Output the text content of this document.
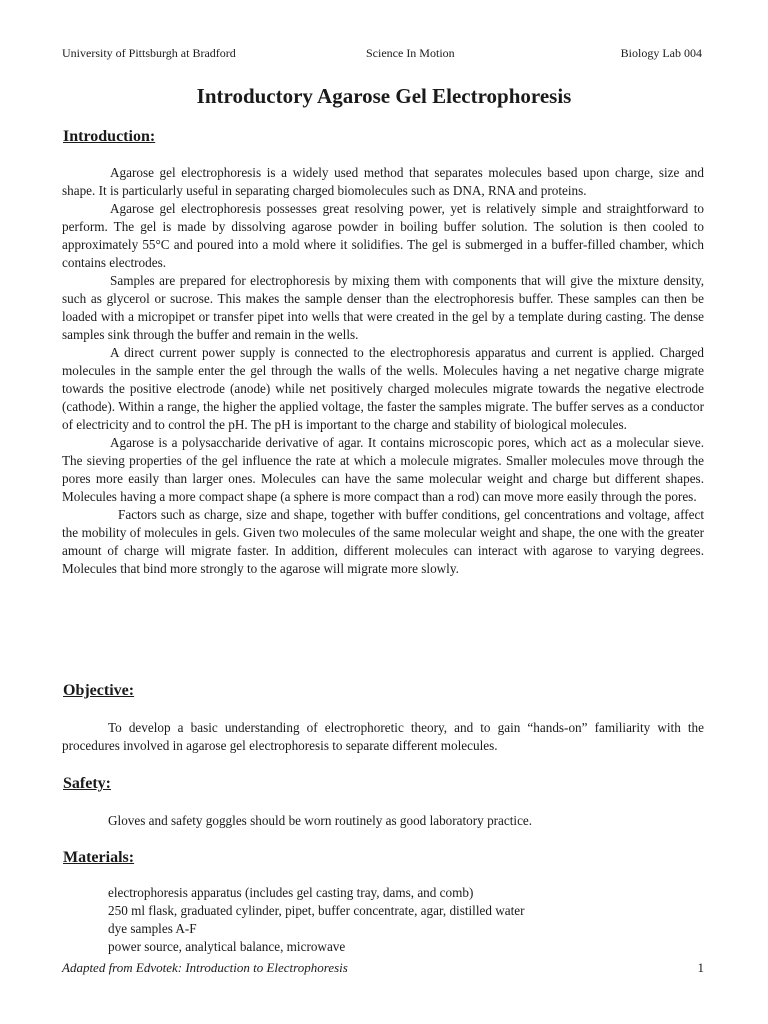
University of Pittsburgh at Bradford	Science In Motion	Biology Lab 004
Introductory Agarose Gel Electrophoresis
Introduction:

Agarose gel electrophoresis is a widely used method that separates molecules based upon charge, size and shape. It is particularly useful in separating charged biomolecules such as DNA, RNA and proteins.

Agarose gel electrophoresis possesses great resolving power, yet is relatively simple and straightforward to perform. The gel is made by dissolving agarose powder in boiling buffer solution. The solution is then cooled to approximately 55°C and poured into a mold where it solidifies. The gel is submerged in a buffer-filled chamber, which contains electrodes.

Samples are prepared for electrophoresis by mixing them with components that will give the mixture density, such as glycerol or sucrose. This makes the sample denser than the electrophoresis buffer. These samples can then be loaded with a micropipet or transfer pipet into wells that were created in the gel by a template during casting. The dense samples sink through the buffer and remain in the wells.

A direct current power supply is connected to the electrophoresis apparatus and current is applied. Charged molecules in the sample enter the gel through the walls of the wells. Molecules having a net negative charge migrate towards the positive electrode (anode) while net positively charged molecules migrate towards the negative electrode (cathode). Within a range, the higher the applied voltage, the faster the samples migrate. The buffer serves as a conductor of electricity and to control the pH. The pH is important to the charge and stability of biological molecules.

Agarose is a polysaccharide derivative of agar. It contains microscopic pores, which act as a molecular sieve. The sieving properties of the gel influence the rate at which a molecule migrates. Smaller molecules move through the pores more easily than larger ones. Molecules can have the same molecular weight and charge but different shapes. Molecules having a more compact shape (a sphere is more compact than a rod) can move more easily through the pores.

Factors such as charge, size and shape, together with buffer conditions, gel concentrations and voltage, affect the mobility of molecules in gels. Given two molecules of the same molecular weight and shape, the one with the greater amount of charge will migrate faster. In addition, different molecules can interact with agarose to varying degrees. Molecules that bind more strongly to the agarose will migrate more slowly.

Objective:

To develop a basic understanding of electrophoretic theory, and to gain “hands-on” familiarity with the procedures involved in agarose gel electrophoresis to separate different molecules.

Safety:

Gloves and safety goggles should be worn routinely as good laboratory practice.

Materials:
electrophoresis apparatus (includes gel casting tray, dams, and comb)
250 ml flask, graduated cylinder, pipet, buffer concentrate, agar, distilled water
dye samples A-F
power source, analytical balance, microwave
Adapted from Edvotek: Introduction to Electrophoresis	1
